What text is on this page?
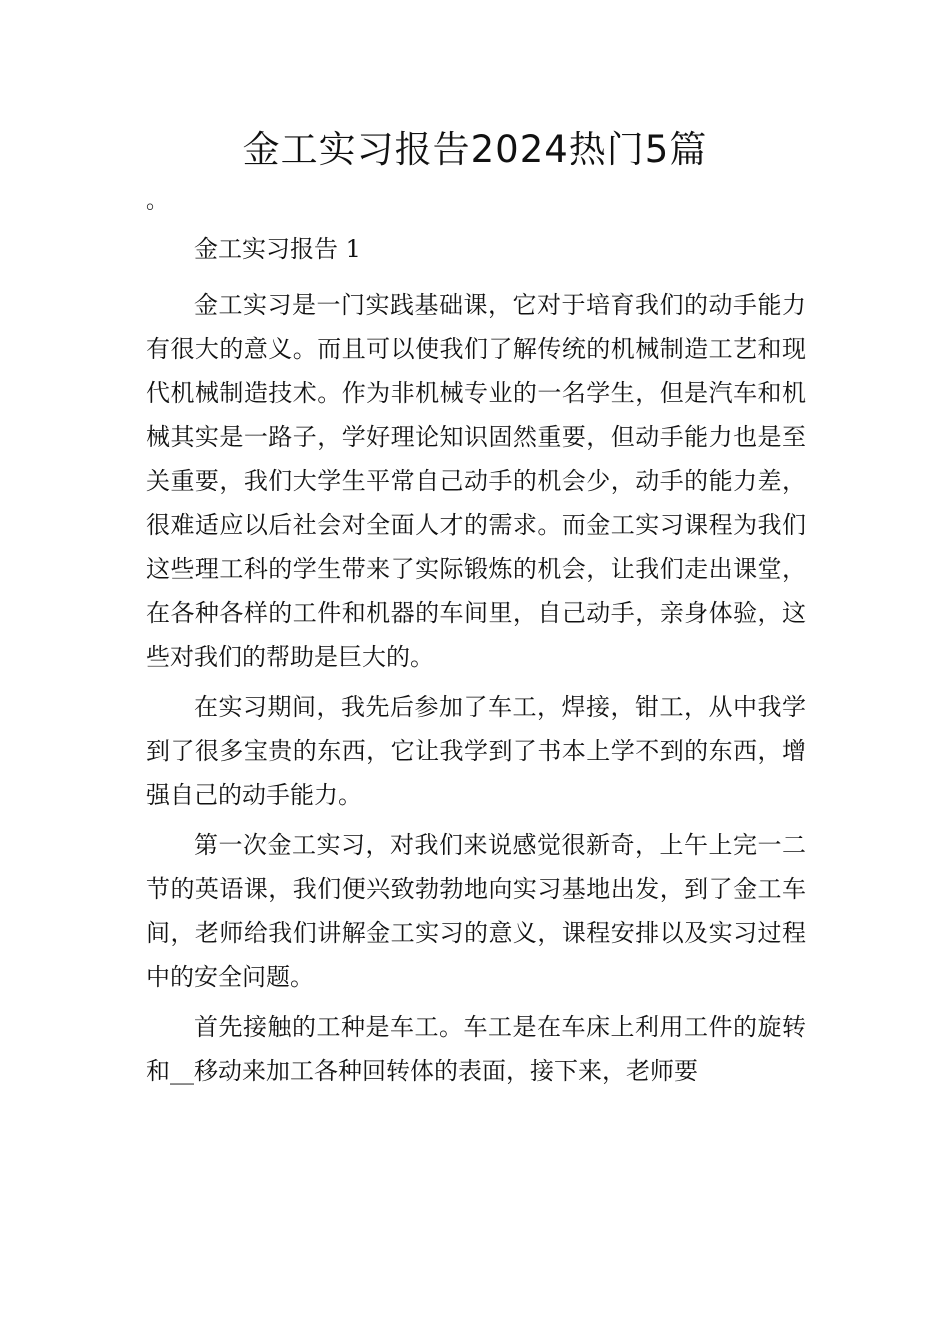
金工实习报告2024热门5篇

。

金工实习报告 1

金工实习是一门实践基础课，它对于培育我们的动手能力有很大的意义。而且可以使我们了解传统的机械制造工艺和现代机械制造技术。作为非机械专业的一名学生，但是汽车和机械其实是一路子，学好理论知识固然重要，但动手能力也是至关重要，我们大学生平常自己动手的机会少，动手的能力差，很难适应以后社会对全面人才的需求。而金工实习课程为我们这些理工科的学生带来了实际锻炼的机会，让我们走出课堂，在各种各样的工件和机器的车间里，自己动手，亲身体验，这些对我们的帮助是巨大的。

在实习期间，我先后参加了车工，焊接，钳工，从中我学到了很多宝贵的东西，它让我学到了书本上学不到的东西，增强自己的动手能力。

第一次金工实习，对我们来说感觉很新奇，上午上完一二节的英语课，我们便兴致勃勃地向实习基地出发，到了金工车间，老师给我们讲解金工实习的意义，课程安排以及实习过程中的安全问题。

首先接触的工种是车工。车工是在车床上利用工件的旋转和__移动来加工各种回转体的表面，接下来，老师要
